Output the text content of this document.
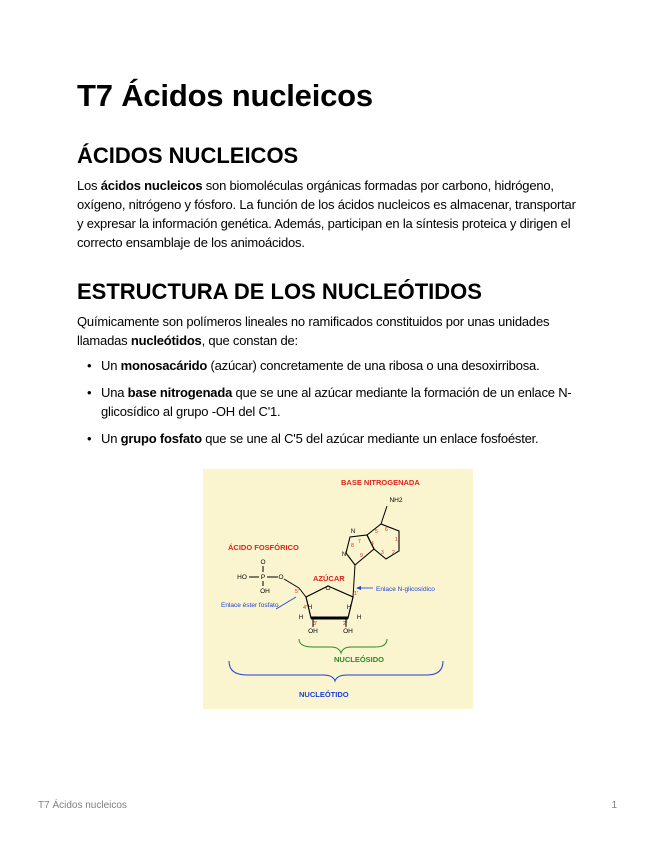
T7 Ácidos nucleicos
ÁCIDOS NUCLEICOS

Los ácidos nucleicos son biomoléculas orgánicas formadas por carbono, hidrógeno, oxígeno, nitrógeno y fósforo. La función de los ácidos nucleicos es almacenar, transportar y expresar la información genética. Además, participan en la síntesis proteica y dirigen el correcto ensamblaje de los animoácidos.

ESTRUCTURA DE LOS NUCLEÓTIDOS

Químicamente son polímeros lineales no ramificados constituidos por unas unidades llamadas nucleótidos, que constan de:

• Un monosacárido (azúcar) concretamente de una ribosa o una desoxirribosa.
• Una base nitrogenada que se une al azúcar mediante la formación de un enlace N-glicosídico al grupo -OH del C'1.
• Un grupo fosfato que se une al C'5 del azúcar mediante un enlace fosfoéster.
BASE NITROGENADA
NH2
ÁCIDO FOSFÓRICO
AZÚCAR
Enlace N-glicosídico
Enlace éster fosfato
NUCLEÓSIDO
NUCLEÓTIDO
O
HO P O
OH	O
5'	1'
4'
3'	2'
OH	OH
H	H
H	H
N
N
7
8
9
4
5 6
1
2
3
T7 Ácidos nucleicos	1
